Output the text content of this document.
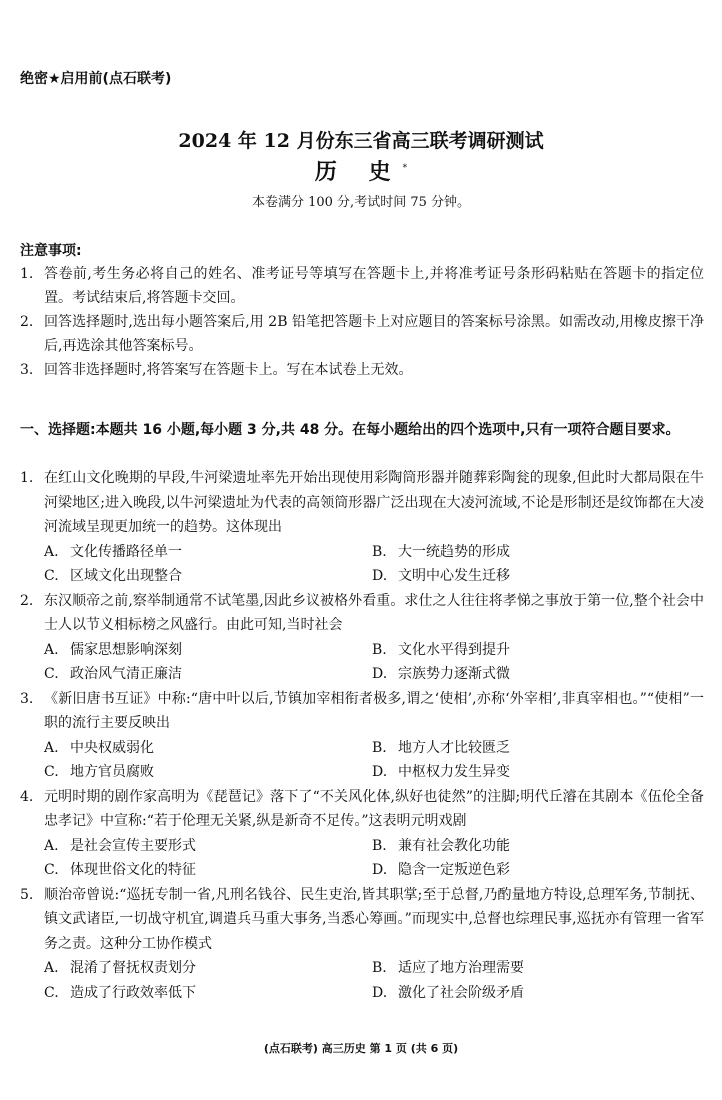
绝密★启用前(点石联考)
2024 年 12 月份东三省高三联考调研测试
历 史*
本卷满分 100 分,考试时间 75 分钟。
注意事项:
1. 答卷前,考生务必将自己的姓名、准考证号等填写在答题卡上,并将准考证号条形码粘贴在答题卡的指定位置。考试结束后,将答题卡交回。
2. 回答选择题时,选出每小题答案后,用 2B 铅笔把答题卡上对应题目的答案标号涂黑。如需改动,用橡皮擦干净后,再选涂其他答案标号。
3. 回答非选择题时,将答案写在答题卡上。写在本试卷上无效。
一、选择题:本题共 16 小题,每小题 3 分,共 48 分。在每小题给出的四个选项中,只有一项符合题目要求。
1. 在红山文化晚期的早段,牛河梁遗址率先开始出现使用彩陶筒形器并随葬彩陶瓮的现象,但此时大都局限在牛河梁地区;进入晚段,以牛河梁遗址为代表的高领筒形器广泛出现在大凌河流域,不论是形制还是纹饰都在大凌河流域呈现更加统一的趋势。这体现出
A. 文化传播路径单一	B. 大一统趋势的形成
C. 区域文化出现整合	D. 文明中心发生迁移
2. 东汉顺帝之前,察举制通常不试笔墨,因此乡议被格外看重。求仕之人往往将孝悌之事放于第一位,整个社会中士人以节义相标榜之风盛行。由此可知,当时社会
A. 儒家思想影响深刻	B. 文化水平得到提升
C. 政治风气清正廉洁	D. 宗族势力逐渐式微
3. 《新旧唐书互证》中称:“唐中叶以后,节镇加宰相衔者极多,谓之‘使相’,亦称‘外宰相’,非真宰相也。”“使相”一职的流行主要反映出
A. 中央权威弱化	B. 地方人才比较匮乏
C. 地方官员腐败	D. 中枢权力发生异变
4. 元明时期的剧作家高明为《琵琶记》落下了“不关风化体,纵好也徒然”的注脚;明代丘濬在其剧本《伍伦全备忠孝记》中宣称:“若于伦理无关紧,纵是新奇不足传。”这表明元明戏剧
A. 是社会宣传主要形式	B. 兼有社会教化功能
C. 体现世俗文化的特征	D. 隐含一定叛逆色彩
5. 顺治帝曾说:“巡抚专制一省,凡刑名钱谷、民生吏治,皆其职掌;至于总督,乃酌量地方特设,总理军务,节制抚、镇文武诸臣,一切战守机宜,调遣兵马重大事务,当悉心筹画。”而现实中,总督也综理民事,巡抚亦有管理一省军务之责。这种分工协作模式
A. 混淆了督抚权责划分	B. 适应了地方治理需要
C. 造成了行政效率低下	D. 激化了社会阶级矛盾
(点石联考) 高三历史 第 1 页 (共 6 页)
